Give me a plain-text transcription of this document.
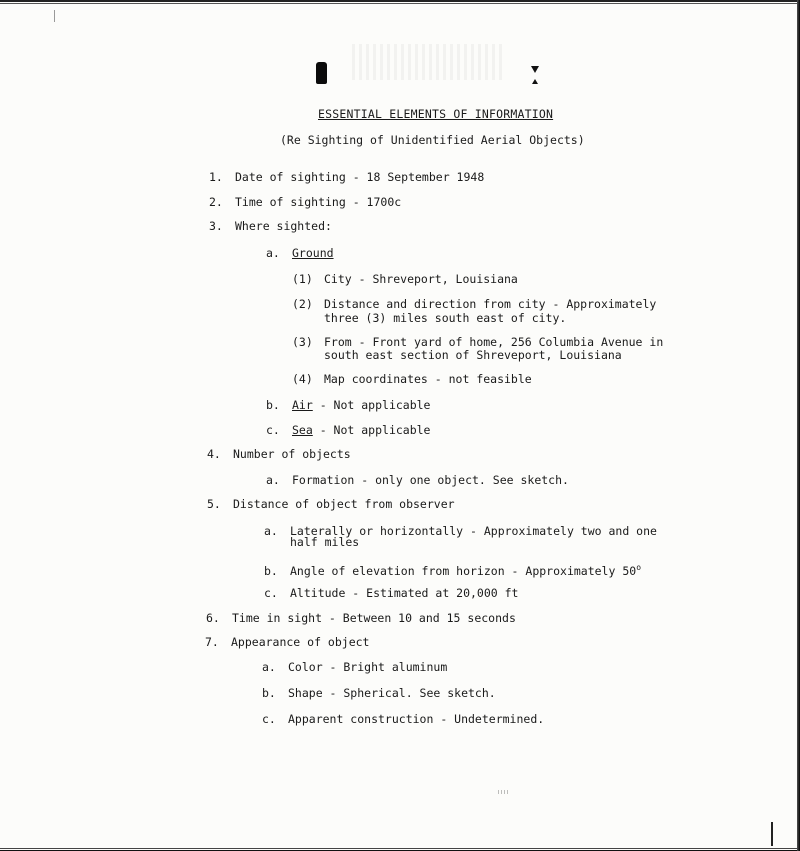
ESSENTIAL ELEMENTS OF INFORMATION
(Re Sighting of Unidentified Aerial Objects)
1. Date of sighting - 18 September 1948
2. Time of sighting - 1700c
3. Where sighted:
a. Ground
(1) City - Shreveport, Louisiana
(2) Distance and direction from city - Approximately
three (3) miles south east of city.
(3) From - Front yard of home, 256 Columbia Avenue in
south east section of Shreveport, Louisiana
(4) Map coordinates - not feasible
b. Air - Not applicable
c. Sea - Not applicable
4. Number of objects
a. Formation - only one object. See sketch.
5. Distance of object from observer
a. Laterally or horizontally - Approximately two and one
half miles
b. Angle of elevation from horizon - Approximately 50$^o$
c. Altitude - Estimated at 20,000 ft
6. Time in sight - Between 10 and 15 seconds
7. Appearance of object
a. Color - Bright aluminum
b. Shape - Spherical. See sketch.
c. Apparent construction - Undetermined.
